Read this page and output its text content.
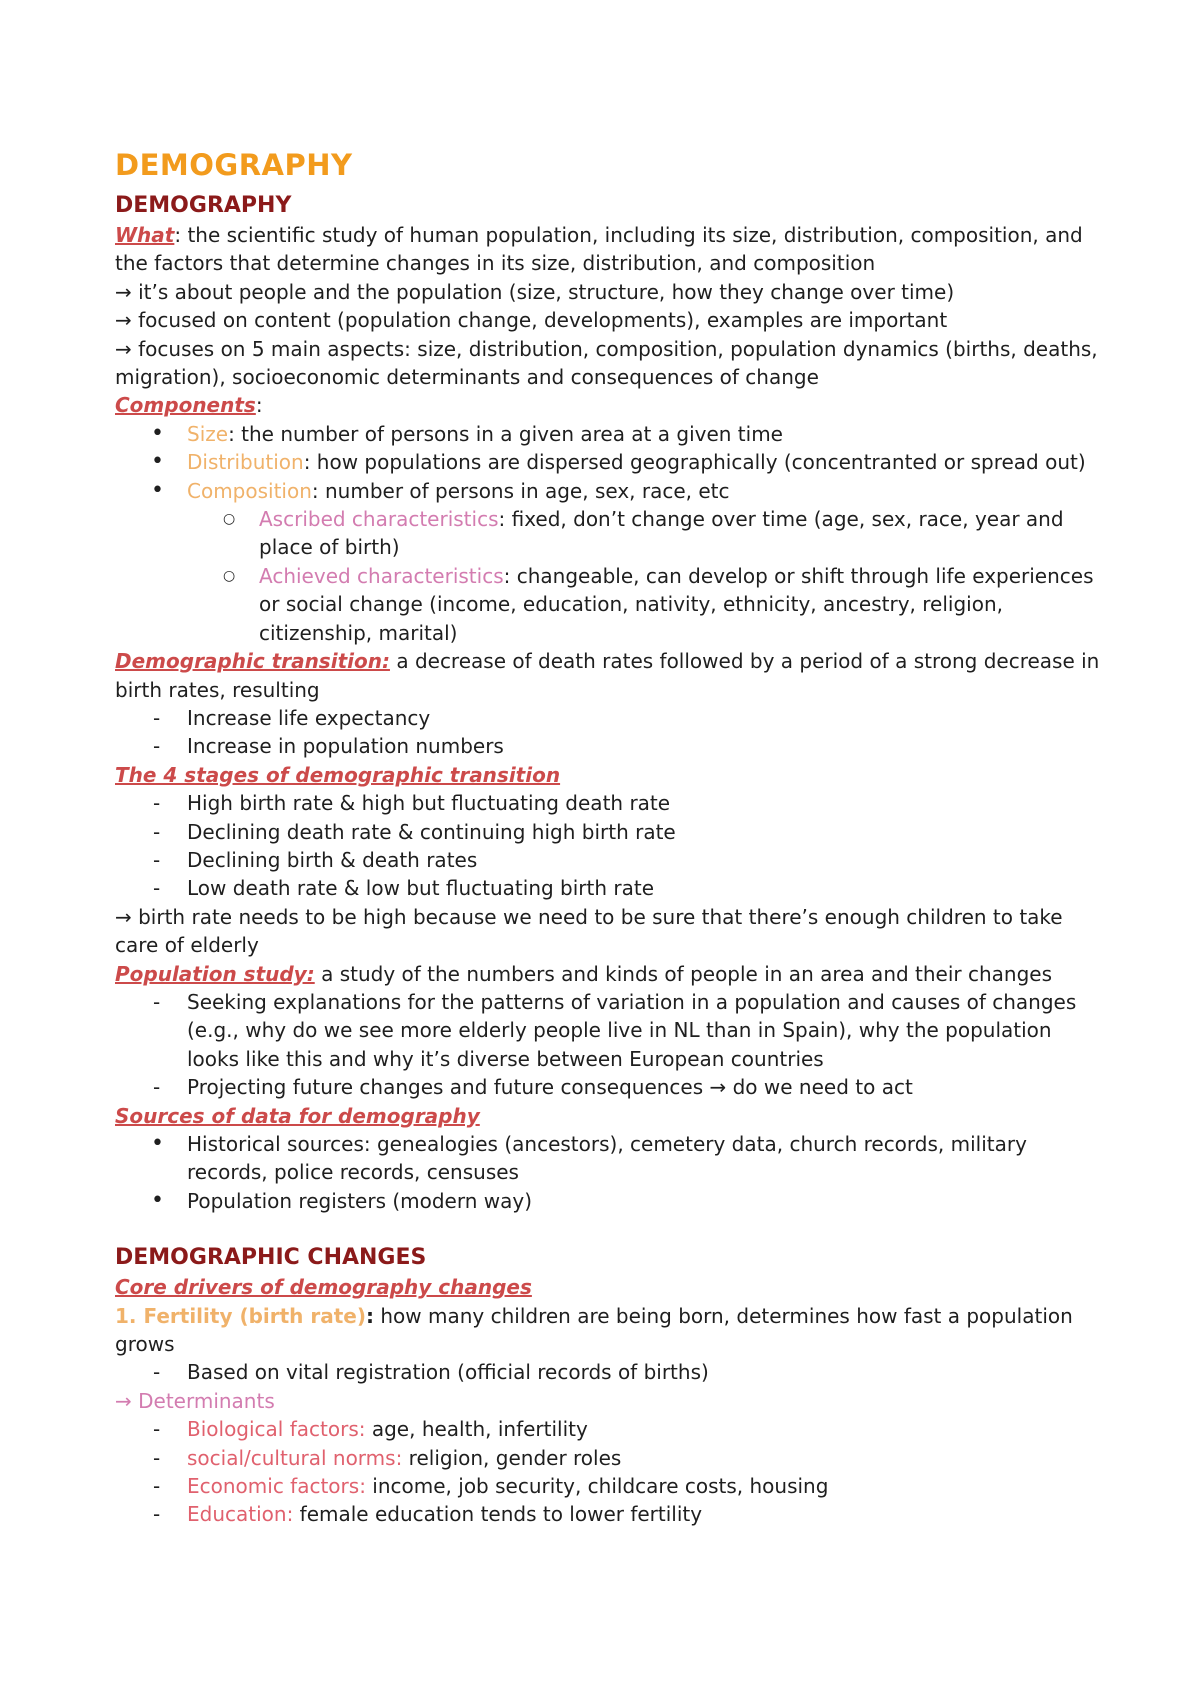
DEMOGRAPHY
DEMOGRAPHY

What: the scientific study of human population, including its size, distribution, composition, and the factors that determine changes in its size, distribution, and composition

→ it’s about people and the population (size, structure, how they change over time)

→ focused on content (population change, developments), examples are important

→ focuses on 5 main aspects: size, distribution, composition, population dynamics (births, deaths, migration), socioeconomic determinants and consequences of change

Components:

• Size: the number of persons in a given area at a given time
• Distribution: how populations are dispersed geographically (concentranted or spread out)
• Composition: number of persons in age, sex, race, etc
○ Ascribed characteristics: fixed, don’t change over time (age, sex, race, year and place of birth)
○ Achieved characteristics: changeable, can develop or shift through life experiences or social change (income, education, nativity, ethnicity, ancestry, religion, citizenship, marital)

Demographic transition: a decrease of death rates followed by a period of a strong decrease in birth rates, resulting

- Increase life expectancy
- Increase in population numbers

The 4 stages of demographic transition

- High birth rate & high but fluctuating death rate
- Declining death rate & continuing high birth rate
- Declining birth & death rates
- Low death rate & low but fluctuating birth rate

→ birth rate needs to be high because we need to be sure that there’s enough children to take care of elderly

Population study: a study of the numbers and kinds of people in an area and their changes

- Seeking explanations for the patterns of variation in a population and causes of changes (e.g., why do we see more elderly people live in NL than in Spain), why the population looks like this and why it’s diverse between European countries
- Projecting future changes and future consequences → do we need to act

Sources of data for demography

• Historical sources: genealogies (ancestors), cemetery data, church records, military records, police records, censuses
• Population registers (modern way)
DEMOGRAPHIC CHANGES

Core drivers of demography changes

1. Fertility (birth rate): how many children are being born, determines how fast a population grows

- Based on vital registration (official records of births)

→ Determinants

- Biological factors: age, health, infertility
- social/cultural norms: religion, gender roles
- Economic factors: income, job security, childcare costs, housing
- Education: female education tends to lower fertility
